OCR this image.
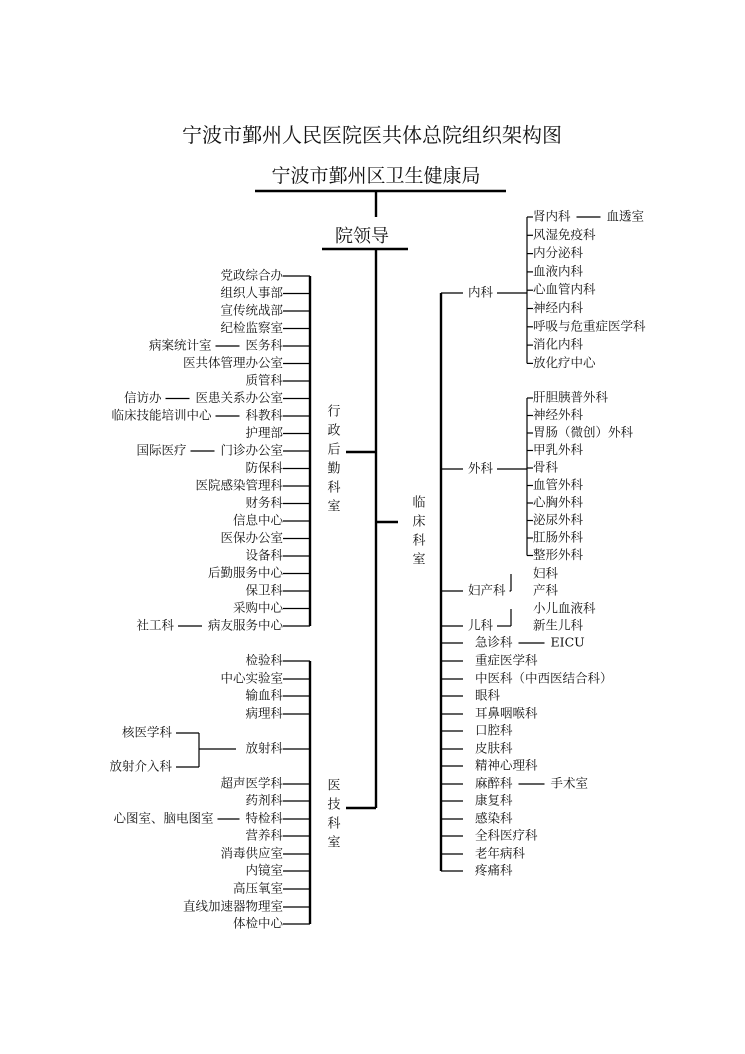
宁波市鄞州人民医院医共体总院组织架构图
宁波市鄞州区卫生健康局
院领导
党政综合办
组织人事部
宣传统战部
纪检监察室
医务科
病案统计室
医共体管理办公室
质管科
医患关系办公室
信访办
科教科
临床技能培训中心
护理部
门诊办公室
国际医疗
防保科
医院感染管理科
财务科
信息中心
医保办公室
设备科
后勤服务中心
保卫科
采购中心
病友服务中心
社工科
行
政
后
勤
科
室
检验科
中心实验室
输血科
病理科
放射科
核医学科
放射介入科
超声医学科
药剂科
特检科
心图室、脑电图室
营养科
消毒供应室
内镜室
高压氧室
直线加速器物理室
体检中心
医
技
科
室
临
床
科
室
内科
肾内科	血透室
风湿免疫科
内分泌科
血液内科
心血管内科
神经内科
呼吸与危重症医学科
消化内科
放化疗中心
外科
肝胆胰普外科
神经外科
胃肠（微创）外科
甲乳外科
骨科
血管外科
心胸外科
泌尿外科
肛肠外科
整形外科
妇产科
妇科
产科
儿科
小儿血液科
新生儿科
急诊科	EICU
重症医学科
中医科（中西医结合科）
眼科
耳鼻咽喉科
口腔科
皮肤科
精神心理科
麻醉科	手术室
康复科
感染科
全科医疗科
老年病科
疼痛科
